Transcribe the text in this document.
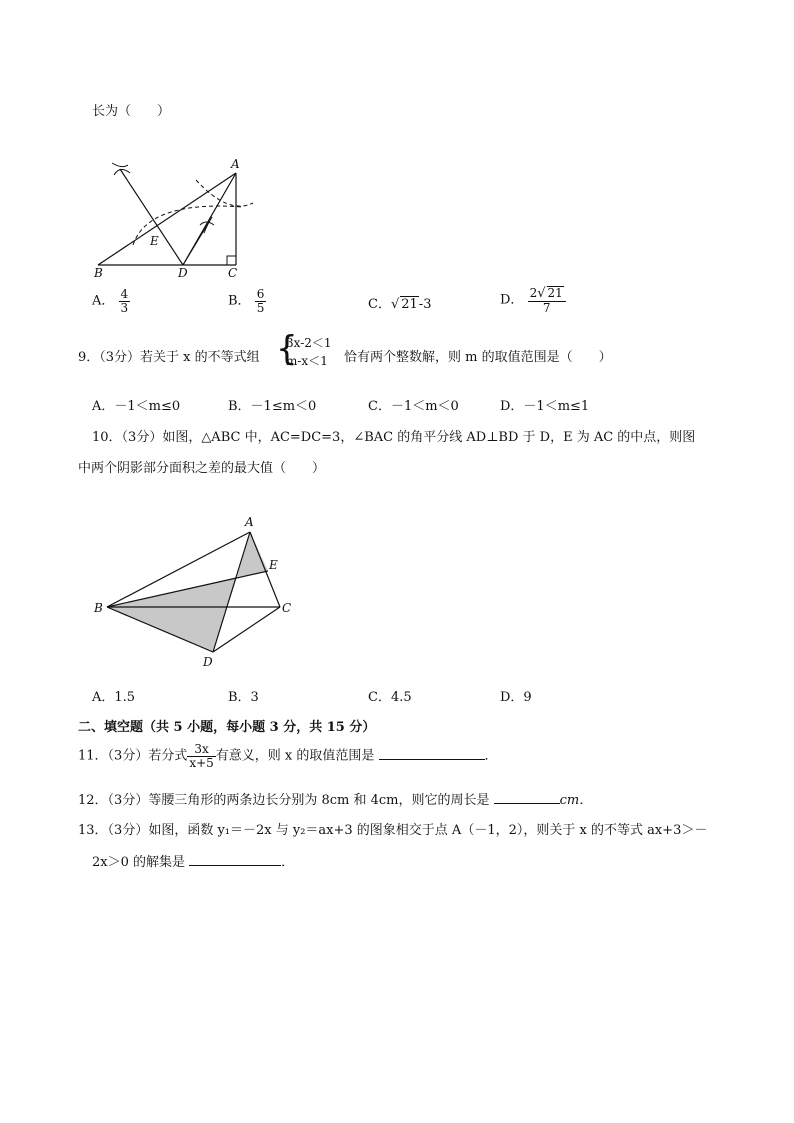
长为（　　）
A
B	C
D
E
A． $\frac{4}{3}$	B． $\frac{6}{5}$	C．√ 21-3	D． $\frac{2√ 21}{7}$
9．（3分）若关于 x 的不等式组 {
3x-2＜1
m-x＜1 恰有两个整数解，则 m 的取值范围是（　　）
A．－1＜m≤0	B．－1≤m＜0	C．－1＜m＜0	D．－1＜m≤1
10．（3分）如图，△ABC 中，AC=DC=3，∠BAC 的角平分线 AD⊥BD 于 D，E 为 AC 的中点，则图
中两个阴影部分面积之差的最大值（　　）
A
B	C
D
E
A．1.5	B．3	C．4.5	D．9
二、填空题（共 5 小题，每小题 3 分，共 15 分）
11．（3分）若分式 $\frac{3x}{x+5}$ 有意义，则 x 的取值范围是	．
12．（3分）等腰三角形的两条边长分别为 8cm 和 4cm，则它的周长是	cm．
13．（3分）如图，函数 y₁＝－2x 与 y₂＝ax+3 的图象相交于点 A（－1，2），则关于 x 的不等式 ax+3＞－
2x＞0 的解集是	．
